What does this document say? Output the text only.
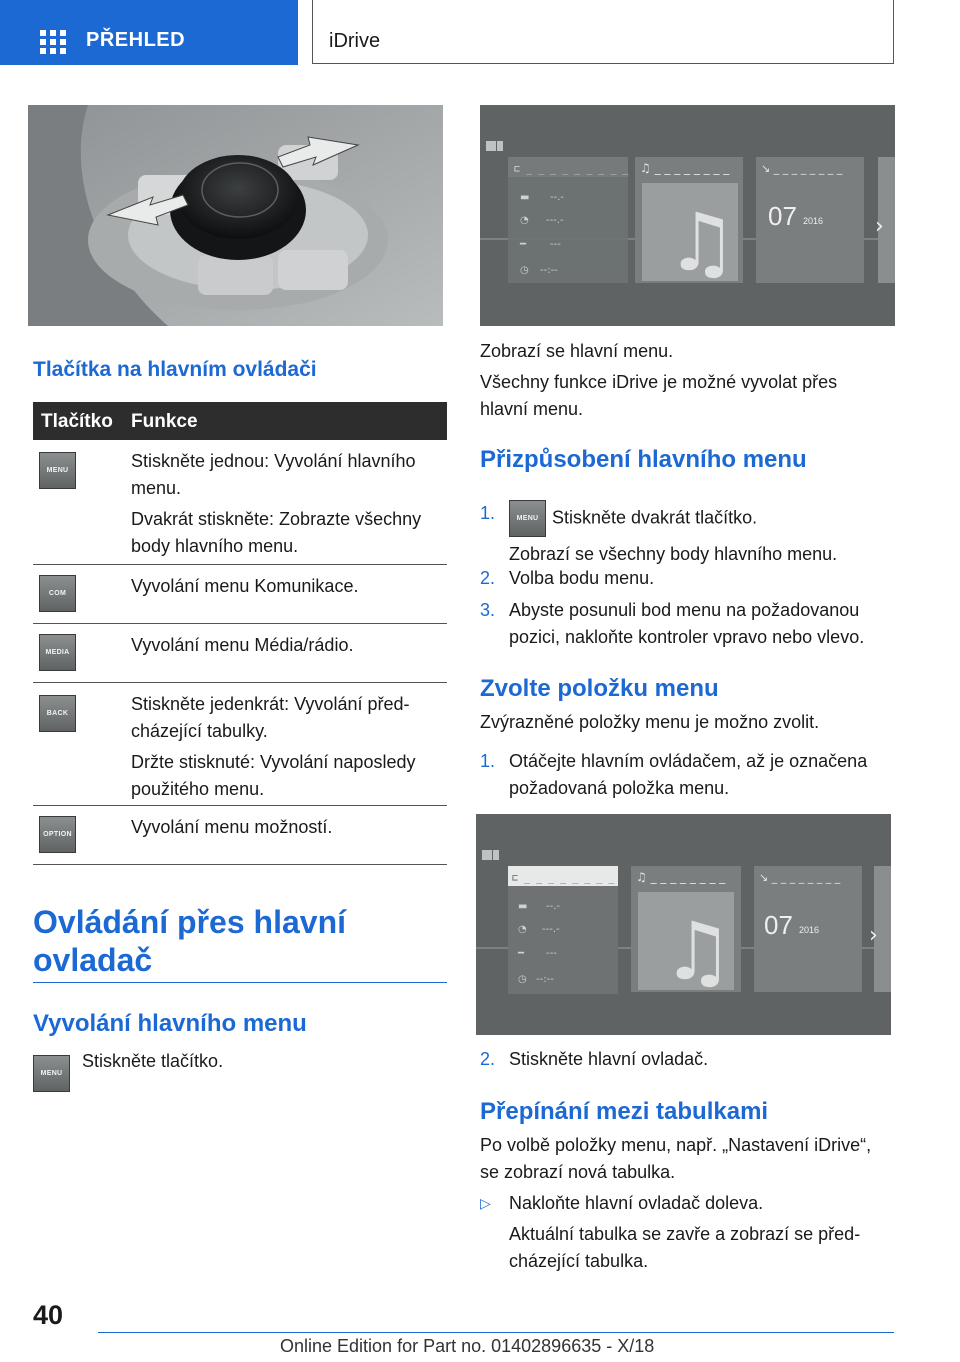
PŘEHLED	iDrive
Tlačítka na hlavním ovládači
Tlačítko Funkce
MENU	Stiskněte jednou: Vyvolání hlavního menu.

Dvakrát stiskněte: Zobrazte všechny body hlavního menu.

COM	Vyvolání menu Komunikace.

MEDIA	Vyvolání menu Média/rádio.

BACK	Stiskněte jedenkrát: Vyvolání předcházející tabulky.

Držte stisknuté: Vyvolání naposledy použitého menu.

OPTION	Vyvolání menu možností.

Ovládání přes hlavní
ovladač
Vyvolání hlavního menu
MENU
Stiskněte tlačítko.
⊏ _ _ _ _ _ _ _ _ _ ♫ _ _ _ _ _ _ _ _
♫
↘ _ _ _ _ _ _ _ _
›
▬
◔
━
◷
--.-
---.-
---
--:--
07 2016
Zobrazí se hlavní menu.
Všechny funkce iDrive je možné vyvolat přes hlavní menu.
Přizpůsobení hlavního menu
1.	MENU Stiskněte dvakrát tlačítko.

Zobrazí se všechny body hlavního menu.

2. Volba bodu menu.
3. Abyste posunuli bod menu na požadovanou pozici, nakloňte kontroler vpravo nebo vlevo.
Zvolte položku menu
Zvýrazněné položky menu je možno zvolit.
1. Otáčejte hlavním ovládačem, až je označena požadovaná položka menu.
⊏ _ _ _ _ _ _ _ _ _ ♫ _ _ _ _ _ _ _ _
♫
↘ _ _ _ _ _ _ _ _
›
▬
◔
━
◷
--.-
---.-
---
--:--
07 2016
2. Stiskněte hlavní ovladač.
Přepínání mezi tabulkami
Po volbě položky menu, např. „Nastavení iDrive“, se zobrazí nová tabulka.
▷ Nakloňte hlavní ovladač doleva.

Aktuální tabulka se zavře a zobrazí se předcházející tabulka.

40
Online Edition for Part no. 01402896635 - X/18
